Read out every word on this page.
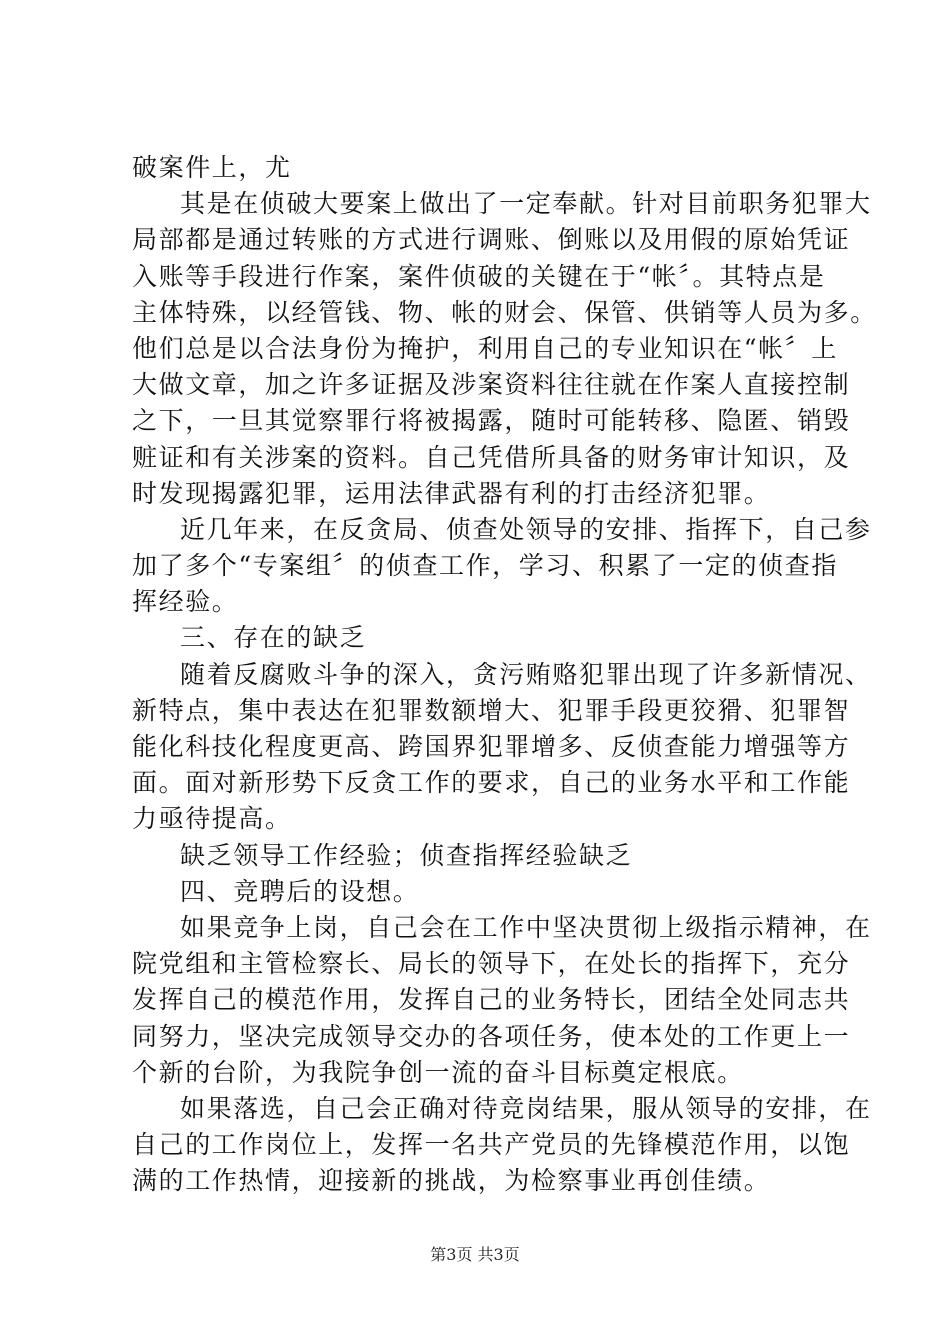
破案件上，尤
其是在侦破大要案上做出了一定奉献。针对目前职务犯罪大
局部都是通过转账的方式进行调账、倒账以及用假的原始凭证
入账等手段进行作案，案件侦破的关键在于“帐〞。其特点是
主体特殊，以经管钱、物、帐的财会、保管、供销等人员为多。
他们总是以合法身份为掩护，利用自己的专业知识在“帐〞上
大做文章，加之许多证据及涉案资料往往就在作案人直接控制
之下，一旦其觉察罪行将被揭露，随时可能转移、隐匿、销毁
赃证和有关涉案的资料。自己凭借所具备的财务审计知识，及
时发现揭露犯罪，运用法律武器有利的打击经济犯罪。
近几年来，在反贪局、侦查处领导的安排、指挥下，自己参
加了多个“专案组〞的侦查工作，学习、积累了一定的侦查指
挥经验。
三、存在的缺乏
随着反腐败斗争的深入，贪污贿赂犯罪出现了许多新情况、
新特点，集中表达在犯罪数额增大、犯罪手段更狡猾、犯罪智
能化科技化程度更高、跨国界犯罪增多、反侦查能力增强等方
面。面对新形势下反贪工作的要求，自己的业务水平和工作能
力亟待提高。
缺乏领导工作经验；侦查指挥经验缺乏
四、竞聘后的设想。
如果竞争上岗，自己会在工作中坚决贯彻上级指示精神，在
院党组和主管检察长、局长的领导下，在处长的指挥下，充分
发挥自己的模范作用，发挥自己的业务特长，团结全处同志共
同努力，坚决完成领导交办的各项任务，使本处的工作更上一
个新的台阶，为我院争创一流的奋斗目标奠定根底。
如果落选，自己会正确对待竞岗结果，服从领导的安排，在
自己的工作岗位上，发挥一名共产党员的先锋模范作用，以饱
满的工作热情，迎接新的挑战，为检察事业再创佳绩。
第3页 共3页
